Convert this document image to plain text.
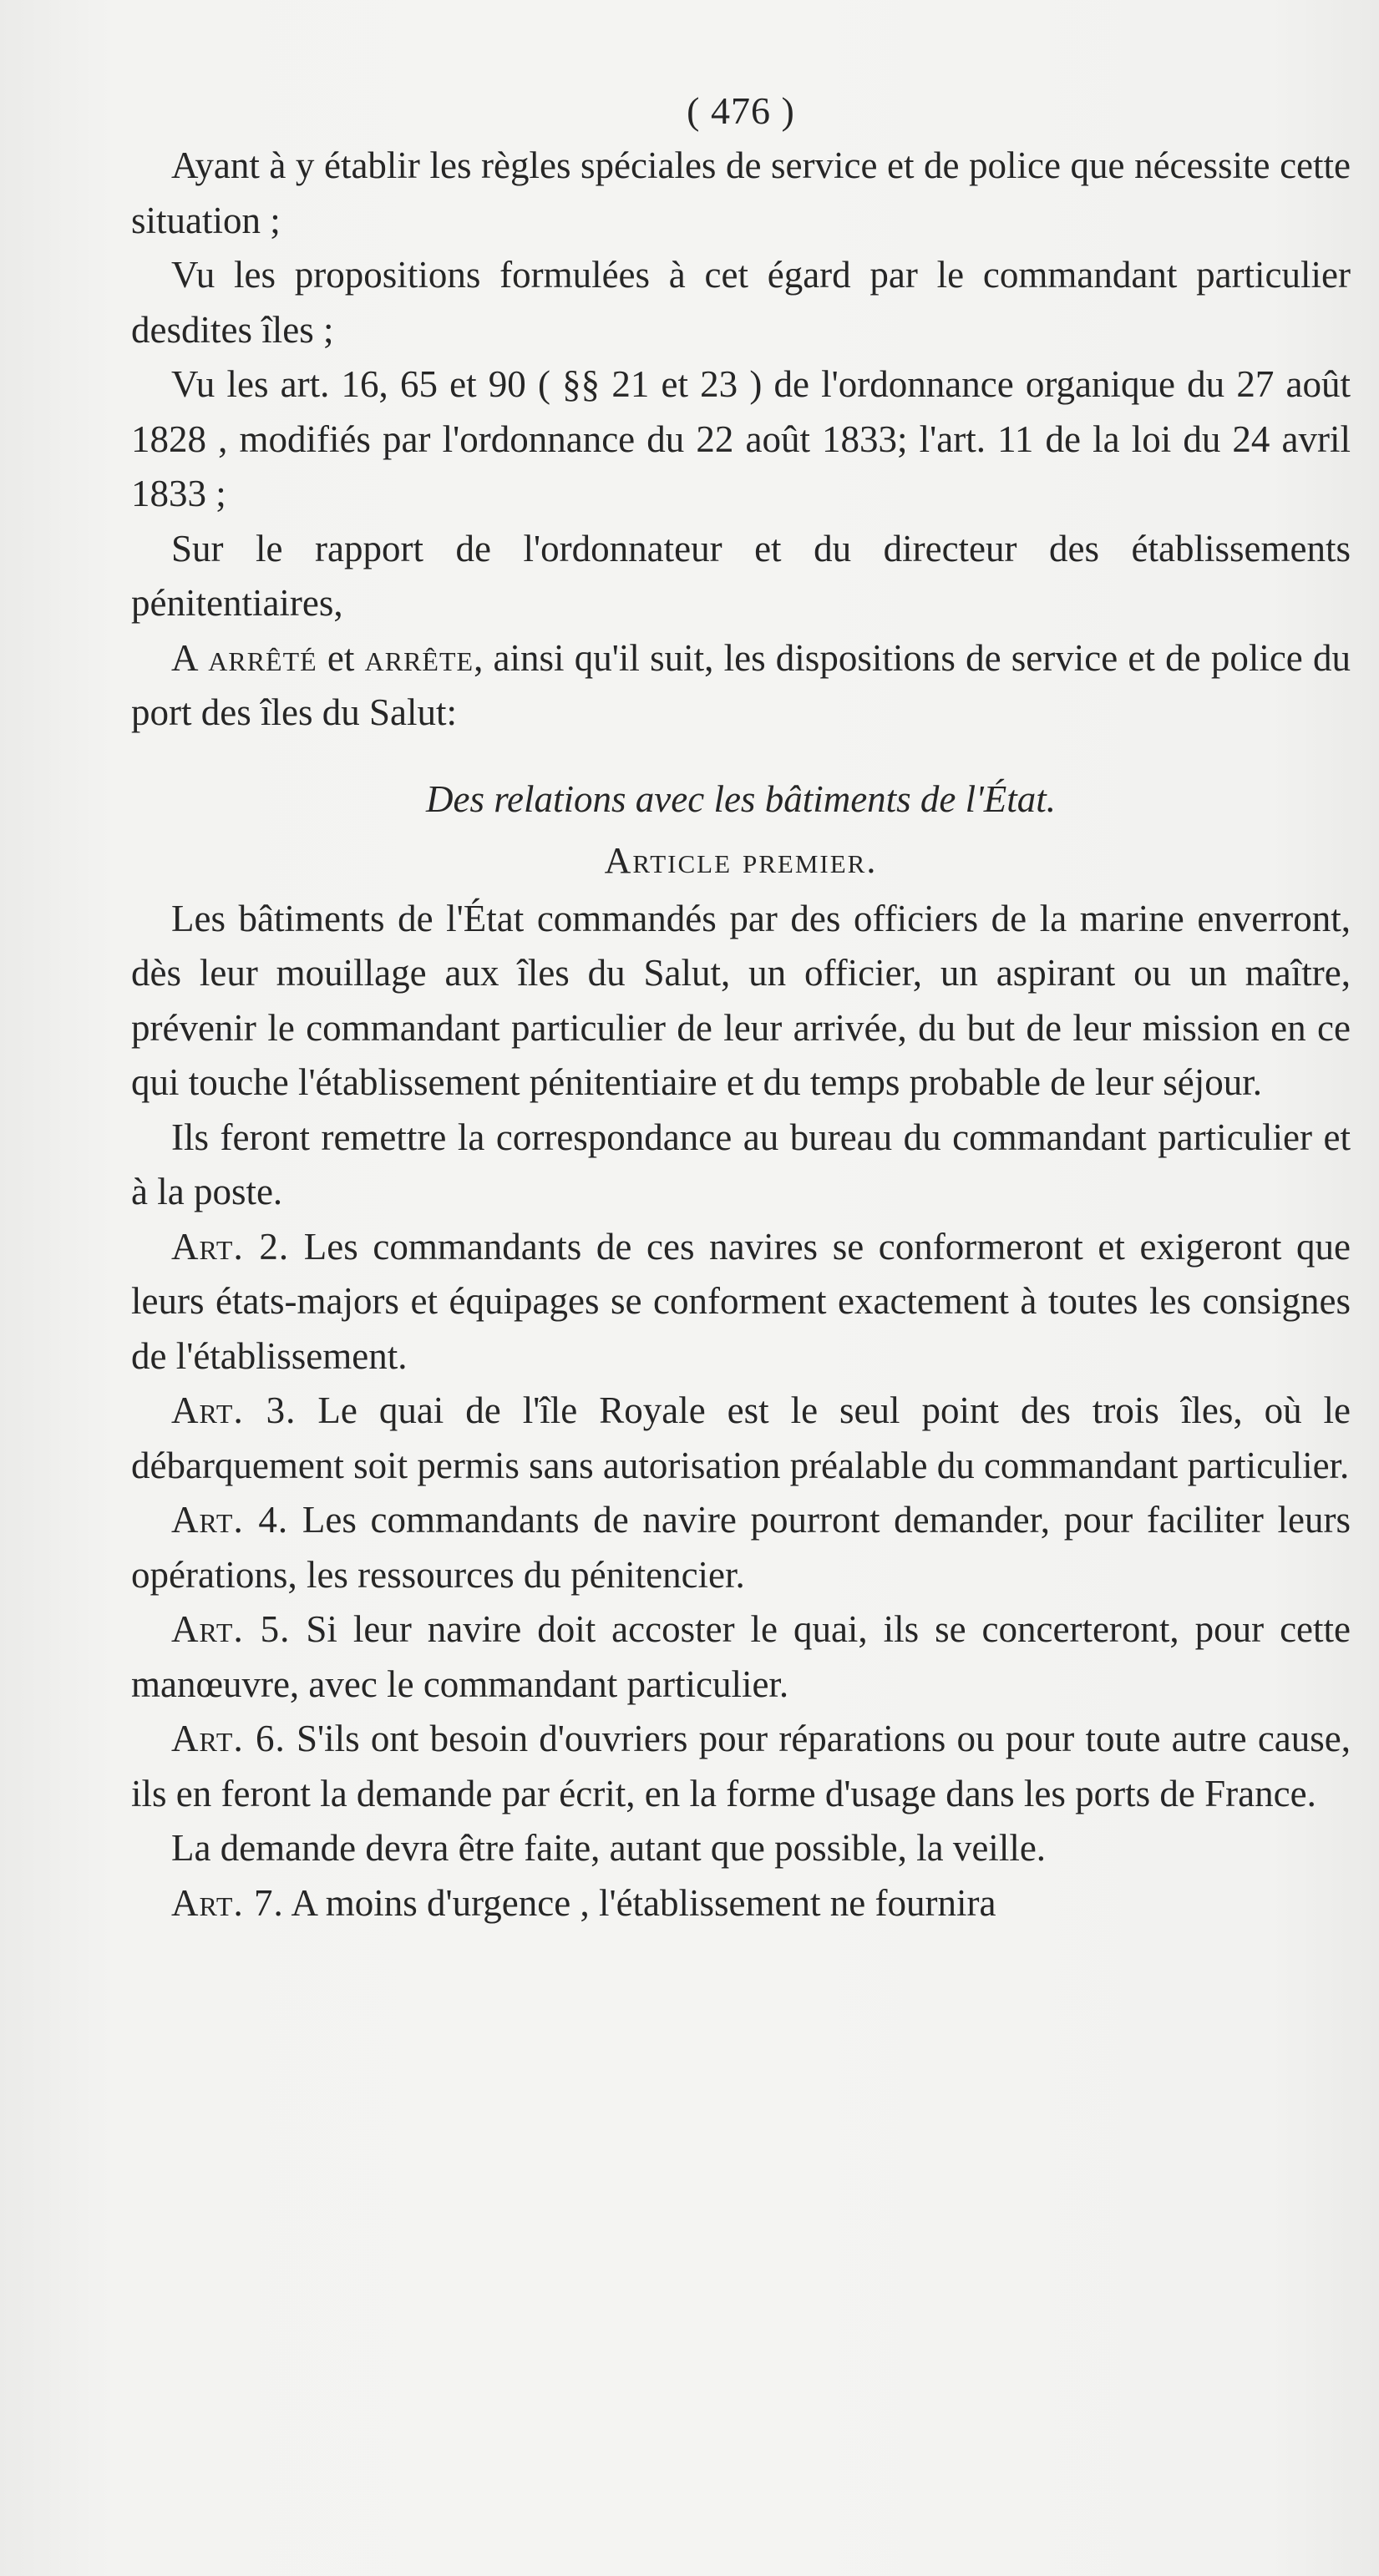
( 476 )

Ayant à y établir les règles spéciales de service et de police que nécessite cette situation ;

Vu les propositions formulées à cet égard par le commandant particulier desdites îles ;

Vu les art. 16, 65 et 90 ( §§ 21 et 23 ) de l'ordonnance organique du 27 août 1828 , modifiés par l'ordonnance du 22 août 1833; l'art. 11 de la loi du 24 avril 1833 ;

Sur le rapport de l'ordonnateur et du directeur des établissements pénitentiaires,

A arrêté et arrête, ainsi qu'il suit, les dispositions de service et de police du port des îles du Salut:

Des relations avec les bâtiments de l'État.

Article premier.

Les bâtiments de l'État commandés par des officiers de la marine enverront, dès leur mouillage aux îles du Salut, un officier, un aspirant ou un maître, prévenir le commandant particulier de leur arrivée, du but de leur mission en ce qui touche l'établissement pénitentiaire et du temps probable de leur séjour.

Ils feront remettre la correspondance au bureau du commandant particulier et à la poste.

Art. 2. Les commandants de ces navires se conformeront et exigeront que leurs états-majors et équipages se conforment exactement à toutes les consignes de l'établissement.

Art. 3. Le quai de l'île Royale est le seul point des trois îles, où le débarquement soit permis sans autorisation préalable du commandant particulier.

Art. 4. Les commandants de navire pourront demander, pour faciliter leurs opérations, les ressources du pénitencier.

Art. 5. Si leur navire doit accoster le quai, ils se concerteront, pour cette manœuvre, avec le commandant particulier.

Art. 6. S'ils ont besoin d'ouvriers pour réparations ou pour toute autre cause, ils en feront la demande par écrit, en la forme d'usage dans les ports de France.

La demande devra être faite, autant que possible, la veille.

Art. 7. A moins d'urgence , l'établissement ne fournira
